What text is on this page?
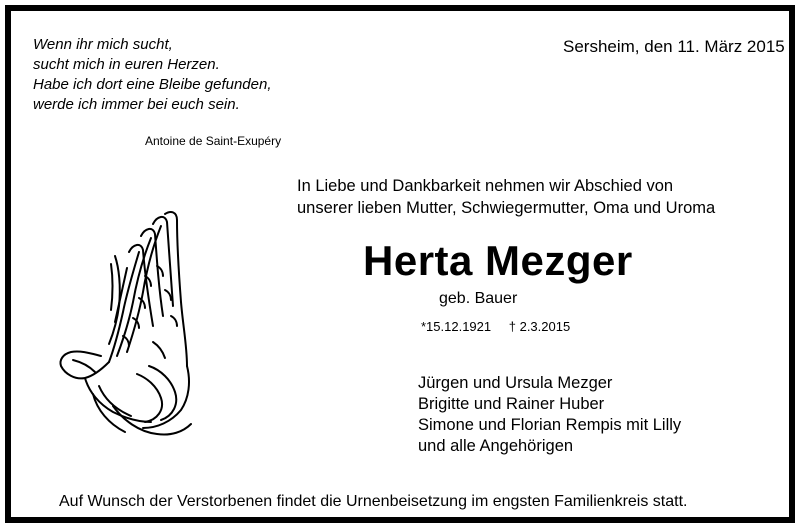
Wenn ihr mich sucht,
sucht mich in euren Herzen.
Habe ich dort eine Bleibe gefunden,
werde ich immer bei euch sein.
Antoine de Saint-Exupéry
Sersheim, den 11. März 2015
In Liebe und Dankbarkeit nehmen wir Abschied von
unserer lieben Mutter, Schwiegermutter, Oma und Uroma
Herta Mezger
geb. Bauer
*15.12.1921 † 2.3.2015
Jürgen und Ursula Mezger
Brigitte und Rainer Huber
Simone und Florian Rempis mit Lilly
und alle Angehörigen
Auf Wunsch der Verstorbenen findet die Urnenbeisetzung im engsten Familienkreis statt.
